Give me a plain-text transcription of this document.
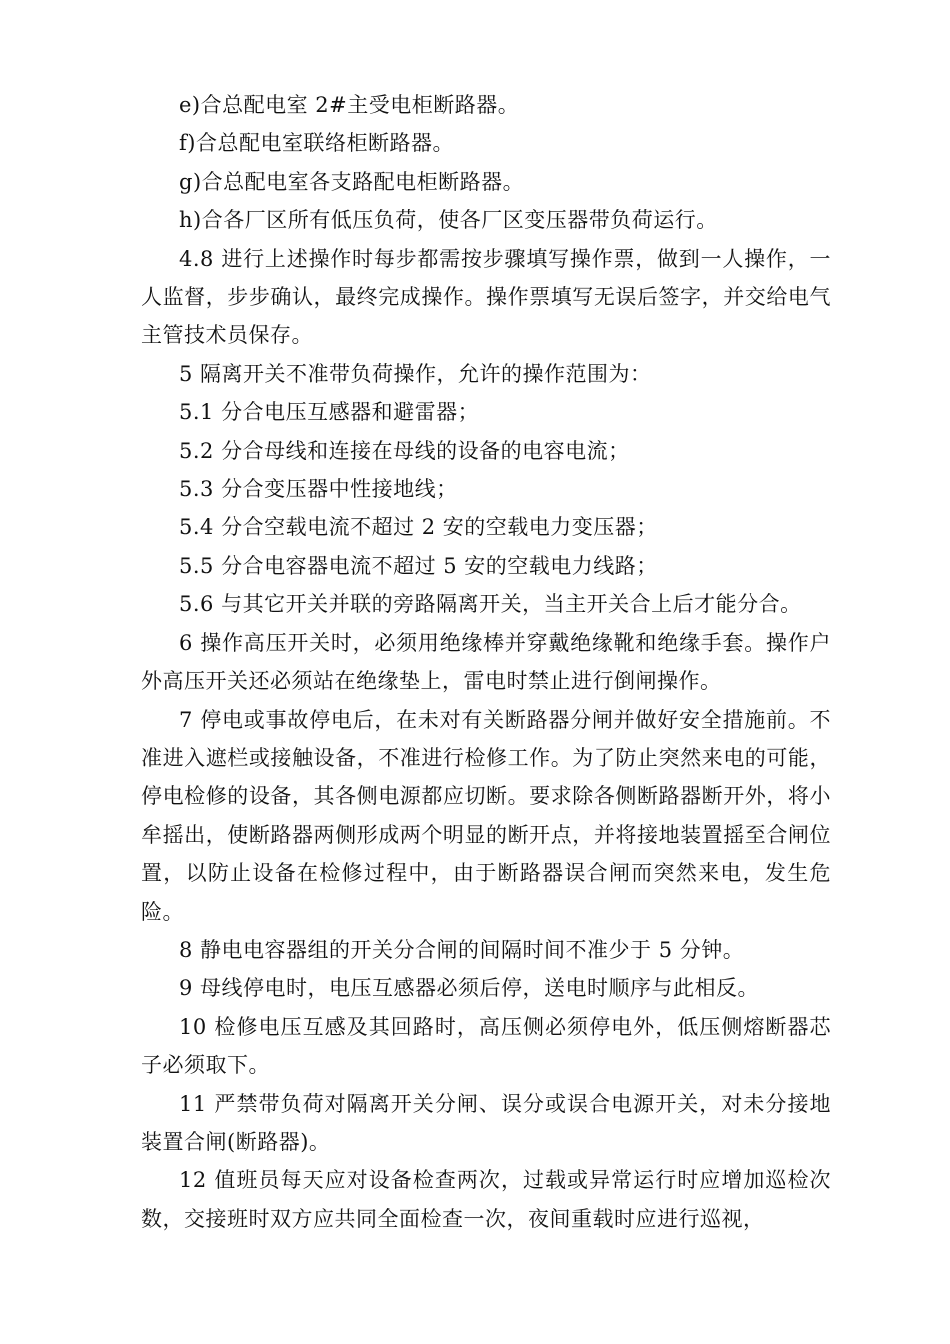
e)合总配电室 2#主受电柜断路器。

f)合总配电室联络柜断路器。

g)合总配电室各支路配电柜断路器。

h)合各厂区所有低压负荷，使各厂区变压器带负荷运行。

4.8 进行上述操作时每步都需按步骤填写操作票，做到一人操作，一人监督，步步确认，最终完成操作。操作票填写无误后签字，并交给电气主管技术员保存。

5 隔离开关不准带负荷操作，允许的操作范围为：

5.1 分合电压互感器和避雷器；

5.2 分合母线和连接在母线的设备的电容电流；

5.3 分合变压器中性接地线；

5.4 分合空载电流不超过 2 安的空载电力变压器；

5.5 分合电容器电流不超过 5 安的空载电力线路；

5.6 与其它开关并联的旁路隔离开关，当主开关合上后才能分合。

6 操作高压开关时，必须用绝缘棒并穿戴绝缘靴和绝缘手套。操作户外高压开关还必须站在绝缘垫上，雷电时禁止进行倒闸操作。

7 停电或事故停电后，在未对有关断路器分闸并做好安全措施前。不准进入遮栏或接触设备，不准进行检修工作。为了防止突然来电的可能，停电检修的设备，其各侧电源都应切断。要求除各侧断路器断开外，将小牟摇出，使断路器两侧形成两个明显的断开点，并将接地装置摇至合闸位置，以防止设备在检修过程中，由于断路器误合闸而突然来电，发生危险。

8 静电电容器组的开关分合闸的间隔时间不准少于 5 分钟。

9 母线停电时，电压互感器必须后停，送电时顺序与此相反。

10 检修电压互感及其回路时，高压侧必须停电外，低压侧熔断器芯子必须取下。

11 严禁带负荷对隔离开关分闸、误分或误合电源开关，对未分接地装置合闸(断路器)。

12 值班员每天应对设备检查两次，过载或异常运行时应增加巡检次数，交接班时双方应共同全面检查一次，夜间重载时应进行巡视，
